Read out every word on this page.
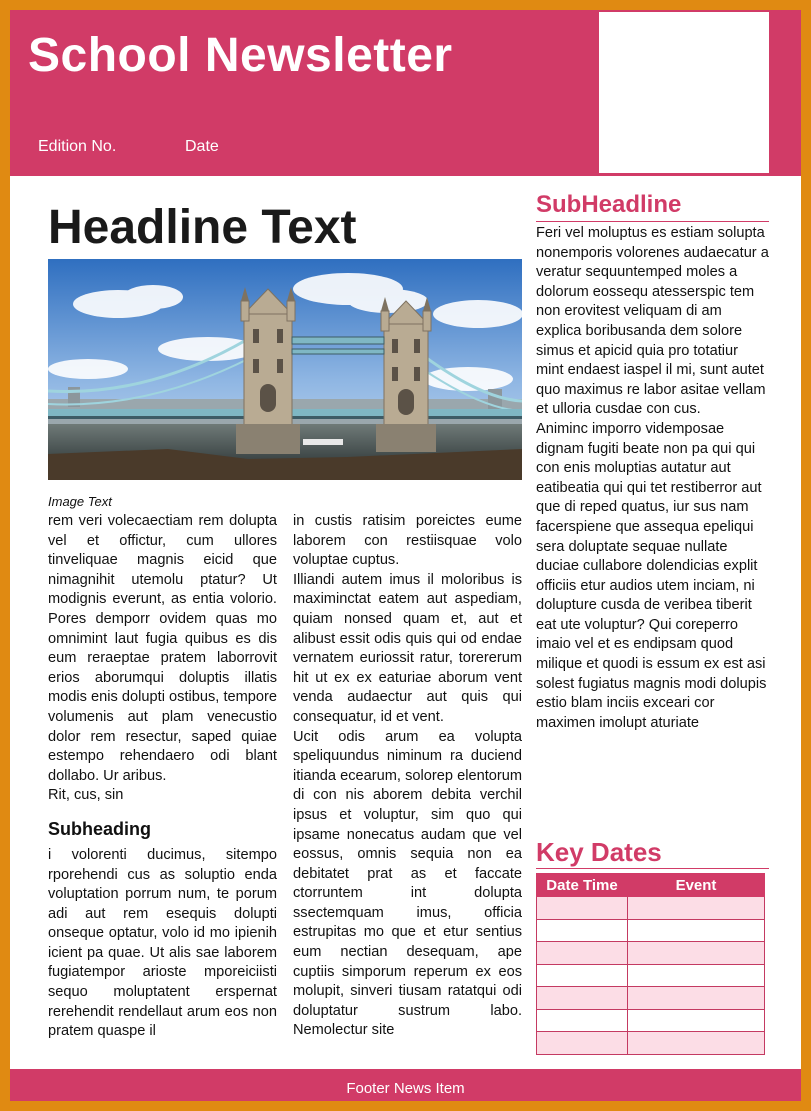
School Newsletter
Edition No.	Date
Headline Text
Image Text

rem veri volecaectiam rem dolupta vel et offictur, cum ullores tinveliquae magnis eicid que nimagnihit utemolu ptatur? Ut modignis everunt, as entia volorio. Pores demporr ovidem quas mo omnimint laut fugia quibus es dis eum reraeptae pratem laborrovit erios aborumqui doluptis illatis modis enis dolupti ostibus, tempore volumenis aut plam venecustio dolor rem resectur, saped quiae estempo rehendaero odi blant dollabo. Ur aribus.

Rit, cus, sin

Subheading

i volorenti ducimus, sitempo rporehendi cus as soluptio enda voluptation porrum num, te porum adi aut rem esequis dolupti onseque optatur, volo id mo ipienih icient pa quae. Ut alis sae laborem fugiatempor arioste mporeiciisti sequo moluptatent erspernat rerehendit rendellaut arum eos non pratem quaspe il

in custis ratisim poreictes eume laborem con restiisquae volo voluptae cuptus.

Illiandi autem imus il moloribus is maximinctat eatem aut aspediam, quiam nonsed quam et, aut et alibust essit odis quis qui od endae vernatem euriossit ratur, torererum hit ut ex ex eaturiae aborum vent venda audaectur aut quis qui consequatur, id et vent.

Ucit odis arum ea volupta speliquundus niminum ra duciend itianda ecearum, solorep elentorum di con nis aborem debita verchil ipsus et voluptur, sim quo qui ipsame nonecatus audam que vel eossus, omnis sequia non ea debitatet prat as et faccate ctorruntem int dolupta ssectemquam imus, officia estrupitas mo que et etur sentius eum nectian desequam, ape cuptiis simporum reperum ex eos molupit, sinveri tiusam ratatqui odi doluptatur sustrum labo. Nemolectur site

SubHeadline

Feri vel moluptus es estiam solupta nonemporis volorenes audaecatur a veratur sequuntemped moles a dolorum eossequ atesserspic tem non erovitest veliquam di am explica boribusanda dem solore simus et apicid quia pro totatiur mint endaest iaspel il mi, sunt autet quo maximus re labor asitae vellam et ulloria cusdae con cus.

Animinc imporro videmposae dignam fugiti beate non pa qui qui con enis moluptias autatur aut eatibeatia qui qui tet restiberror aut que di reped quatus, iur sus nam facerspiene que assequa epeliqui sera doluptate sequae nullate duciae cullabore dolendicias explit officiis etur audios utem inciam, ni dolupture cusda de veribea tiberit eat ute voluptur? Qui coreperro imaio vel et es endipsam quod milique et quodi is essum ex est asi solest fugiatus magnis modi dolupis estio blam inciis exceari cor maximen imolupt aturiate

Key Dates
Date Time	Event

Footer News Item
